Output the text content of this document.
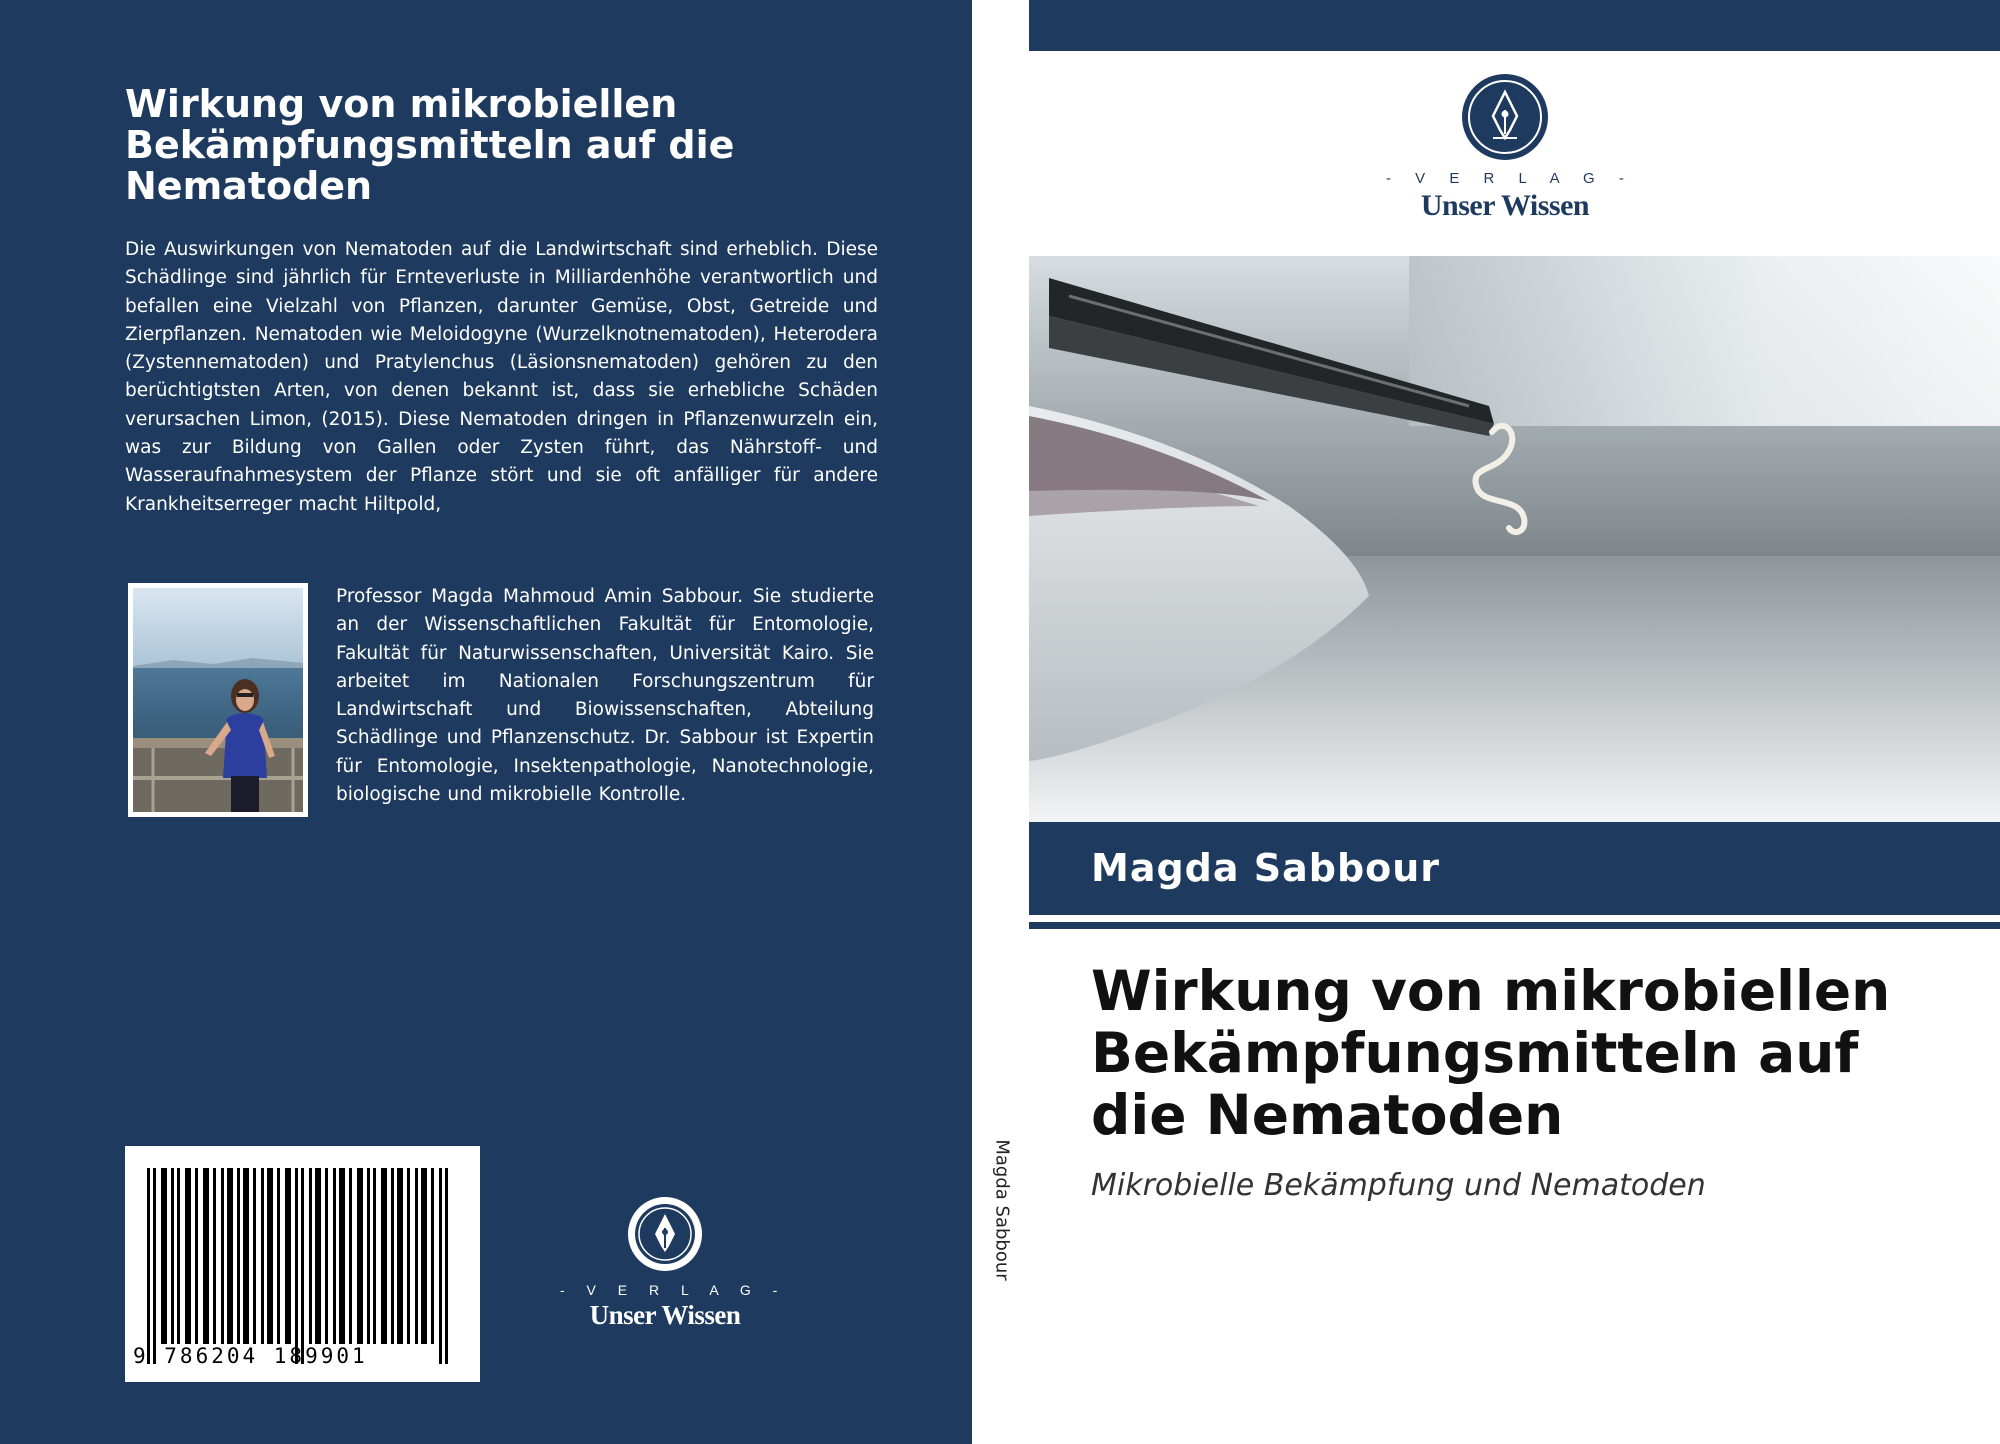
Wirkung von mikrobiellen Bekämpfungsmitteln auf die Nematoden

Die Auswirkungen von Nematoden auf die Landwirtschaft sind erheblich. Diese Schädlinge sind jährlich für Ernteverluste in Milliardenhöhe verantwortlich und befallen eine Vielzahl von Pflanzen, darunter Gemüse, Obst, Getreide und Zierpflanzen. Nematoden wie Meloidogyne (Wurzelknotnematoden), Heterodera (Zystennematoden) und Pratylenchus (Läsionsnematoden) gehören zu den berüchtigtsten Arten, von denen bekannt ist, dass sie erhebliche Schäden verursachen Limon, (2015). Diese Nematoden dringen in Pflanzenwurzeln ein, was zur Bildung von Gallen oder Zysten führt, das Nährstoff- und Wasseraufnahmesystem der Pflanze stört und sie oft anfälliger für andere Krankheitserreger macht Hiltpold,

Professor Magda Mahmoud Amin Sabbour. Sie studierte an der Wissenschaftlichen Fakultät für Entomologie, Fakultät für Naturwissenschaften, Universität Kairo. Sie arbeitet im Nationalen Forschungszentrum für Landwirtschaft und Biowissenschaften, Abteilung Schädlinge und Pflanzenschutz. Dr. Sabbour ist Expertin für Entomologie, Insektenpathologie, Nanotechnologie, biologische und mikrobielle Kontrolle.

9 786204 189901
- V E R L A G -
Unser Wissen
Magda Sabbour
- V E R L A G -
Unser Wissen
Magda Sabbour
Wirkung von mikrobiellen Bekämpfungsmitteln auf die Nematoden

Mikrobielle Bekämpfung und Nematoden
